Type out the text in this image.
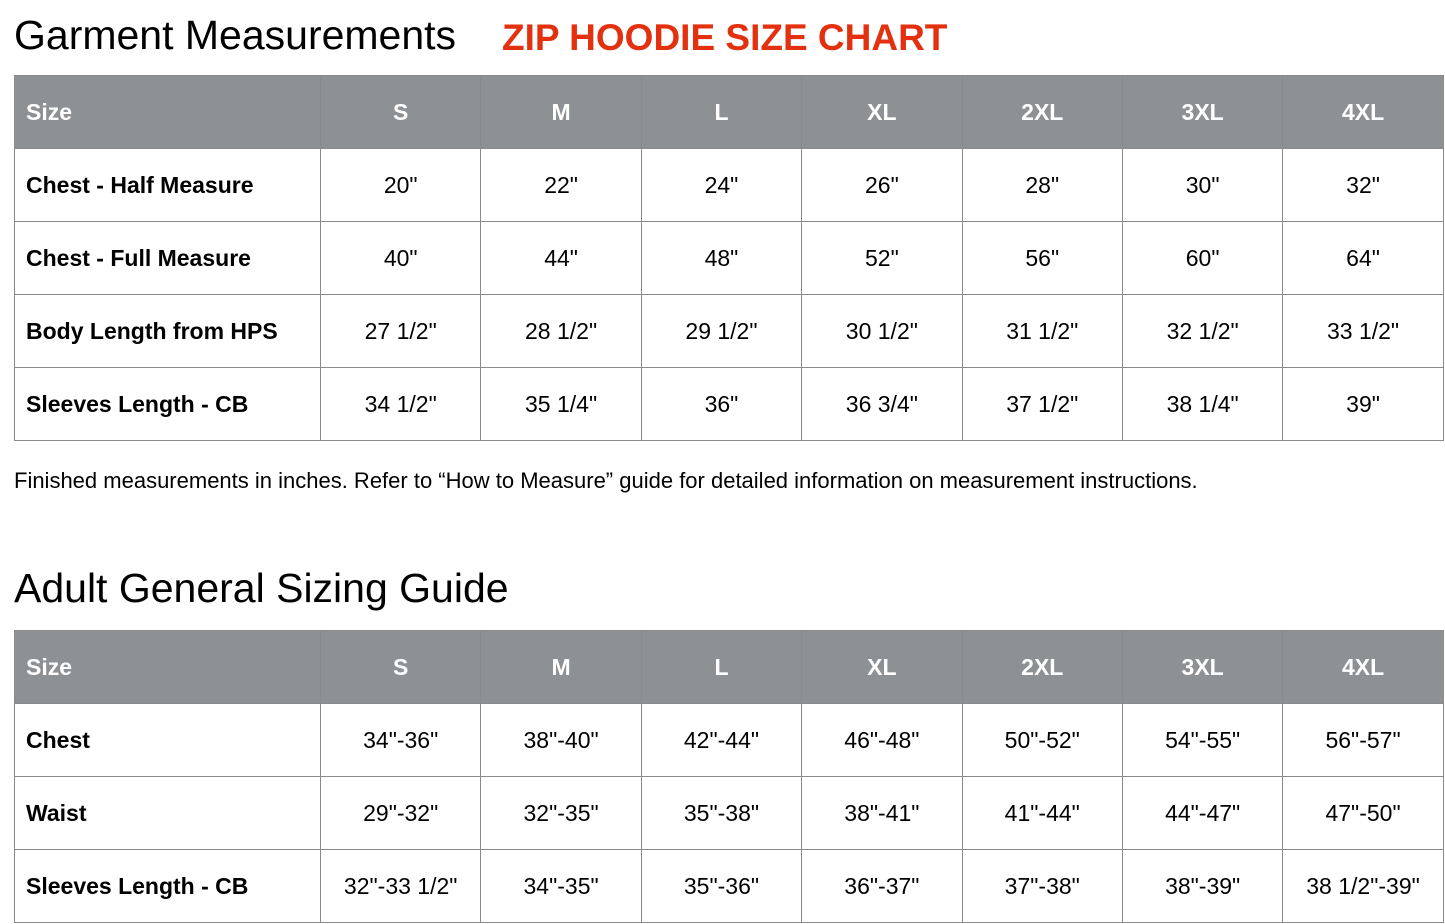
Garment Measurements ZIP HOODIE SIZE CHART
Size	S	M	L	XL	2XL	3XL	4XL
Chest - Half Measure	20"	22"	24"	26"	28"	30"	32"
Chest - Full Measure	40"	44"	48"	52"	56"	60"	64"
Body Length from HPS	27 1/2"	28 1/2"	29 1/2"	30 1/2"	31 1/2"	32 1/2"	33 1/2"
Sleeves Length - CB	34 1/2"	35 1/4"	36"	36 3/4"	37 1/2"	38 1/4"	39"
Finished measurements in inches. Refer to “How to Measure” guide for detailed information on measurement instructions.
Adult General Sizing Guide
Size	S	M	L	XL	2XL	3XL	4XL
Chest	34"-36"	38"-40"	42"-44"	46"-48"	50"-52"	54"-55"	56"-57"
Waist	29"-32"	32"-35"	35"-38"	38"-41"	41"-44"	44"-47"	47"-50"
Sleeves Length - CB	32"-33 1/2"	34"-35"	35"-36"	36"-37"	37"-38"	38"-39"	38 1/2"-39"
